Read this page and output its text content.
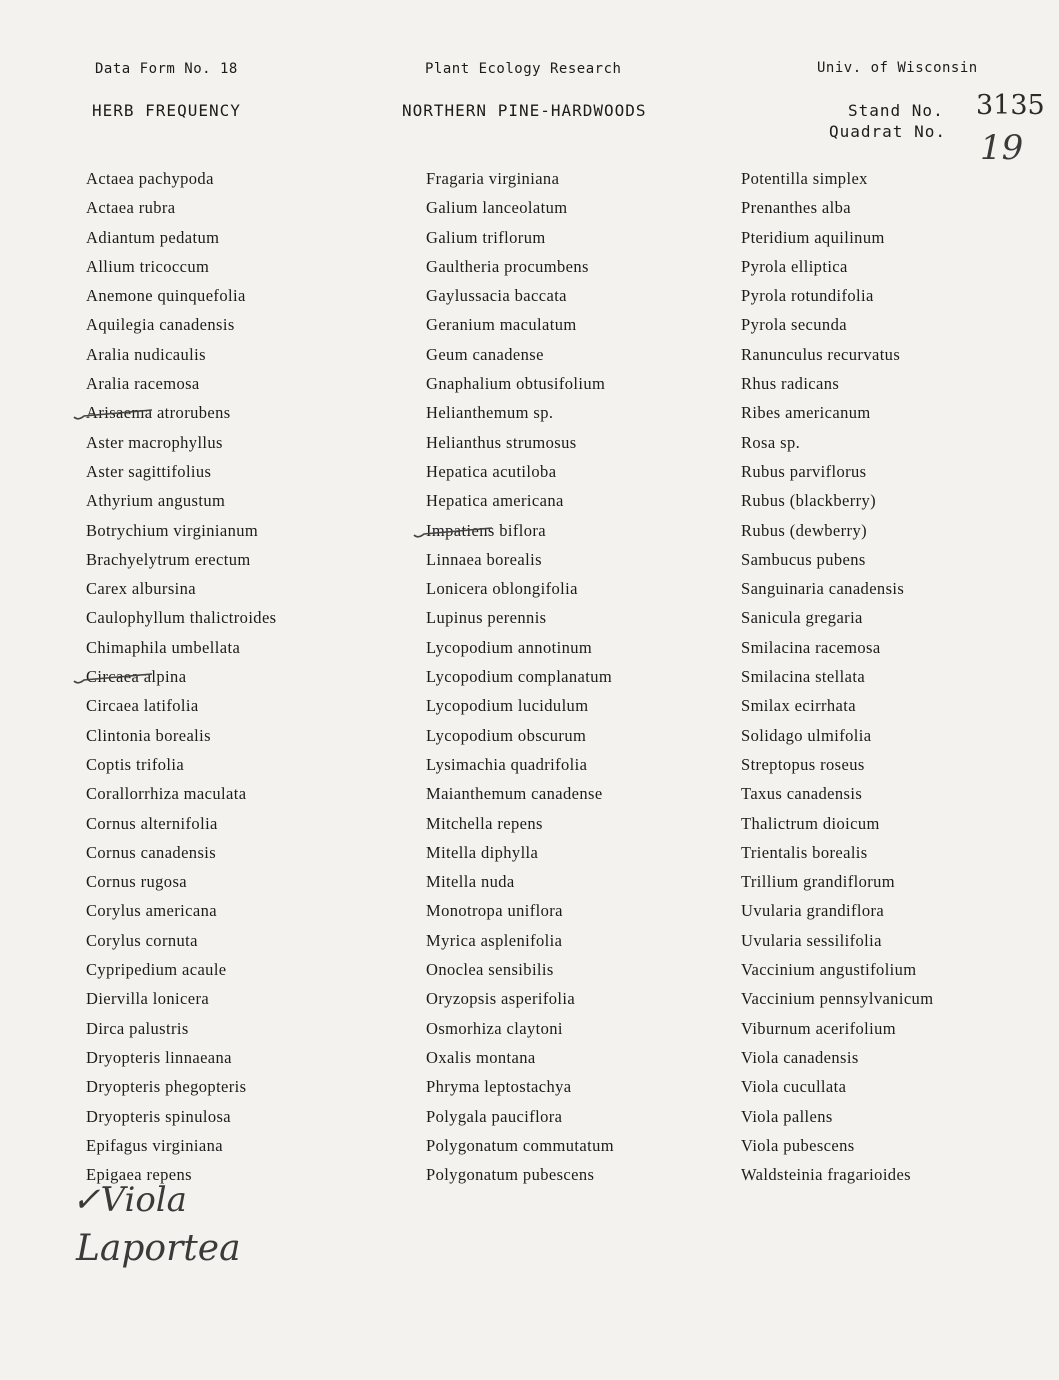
Data Form No. 18	Plant Ecology Research	Univ. of Wisconsin
HERB FREQUENCY	NORTHERN PINE-HARDWOODS	Stand No.
Quadrat No.
3135
19
Actaea pachypoda
Actaea rubra
Adiantum pedatum
Allium tricoccum
Anemone quinquefolia
Aquilegia canadensis
Aralia nudicaulis
Aralia racemosa
Arisaema atrorubens
Aster macrophyllus
Aster sagittifolius
Athyrium angustum
Botrychium virginianum
Brachyelytrum erectum
Carex albursina
Caulophyllum thalictroides
Chimaphila umbellata
Circaea alpina
Circaea latifolia
Clintonia borealis
Coptis trifolia
Corallorrhiza maculata
Cornus alternifolia
Cornus canadensis
Cornus rugosa
Corylus americana
Corylus cornuta
Cypripedium acaule
Diervilla lonicera
Dirca palustris
Dryopteris linnaeana
Dryopteris phegopteris
Dryopteris spinulosa
Epifagus virginiana
Epigaea repens
Fragaria virginiana
Galium lanceolatum
Galium triflorum
Gaultheria procumbens
Gaylussacia baccata
Geranium maculatum
Geum canadense
Gnaphalium obtusifolium
Helianthemum sp.
Helianthus strumosus
Hepatica acutiloba
Hepatica americana
Impatiens biflora
Linnaea borealis
Lonicera oblongifolia
Lupinus perennis
Lycopodium annotinum
Lycopodium complanatum
Lycopodium lucidulum
Lycopodium obscurum
Lysimachia quadrifolia
Maianthemum canadense
Mitchella repens
Mitella diphylla
Mitella nuda
Monotropa uniflora
Myrica asplenifolia
Onoclea sensibilis
Oryzopsis asperifolia
Osmorhiza claytoni
Oxalis montana
Phryma leptostachya
Polygala pauciflora
Polygonatum commutatum
Polygonatum pubescens
Potentilla simplex
Prenanthes alba
Pteridium aquilinum
Pyrola elliptica
Pyrola rotundifolia
Pyrola secunda
Ranunculus recurvatus
Rhus radicans
Ribes americanum
Rosa sp.
Rubus parviflorus
Rubus (blackberry)
Rubus (dewberry)
Sambucus pubens
Sanguinaria canadensis
Sanicula gregaria
Smilacina racemosa
Smilacina stellata
Smilax ecirrhata
Solidago ulmifolia
Streptopus roseus
Taxus canadensis
Thalictrum dioicum
Trientalis borealis
Trillium grandiflorum
Uvularia grandiflora
Uvularia sessilifolia
Vaccinium angustifolium
Vaccinium pennsylvanicum
Viburnum acerifolium
Viola canadensis
Viola cucullata
Viola pallens
Viola pubescens
Waldsteinia fragarioides
✓Viola
Laportea
